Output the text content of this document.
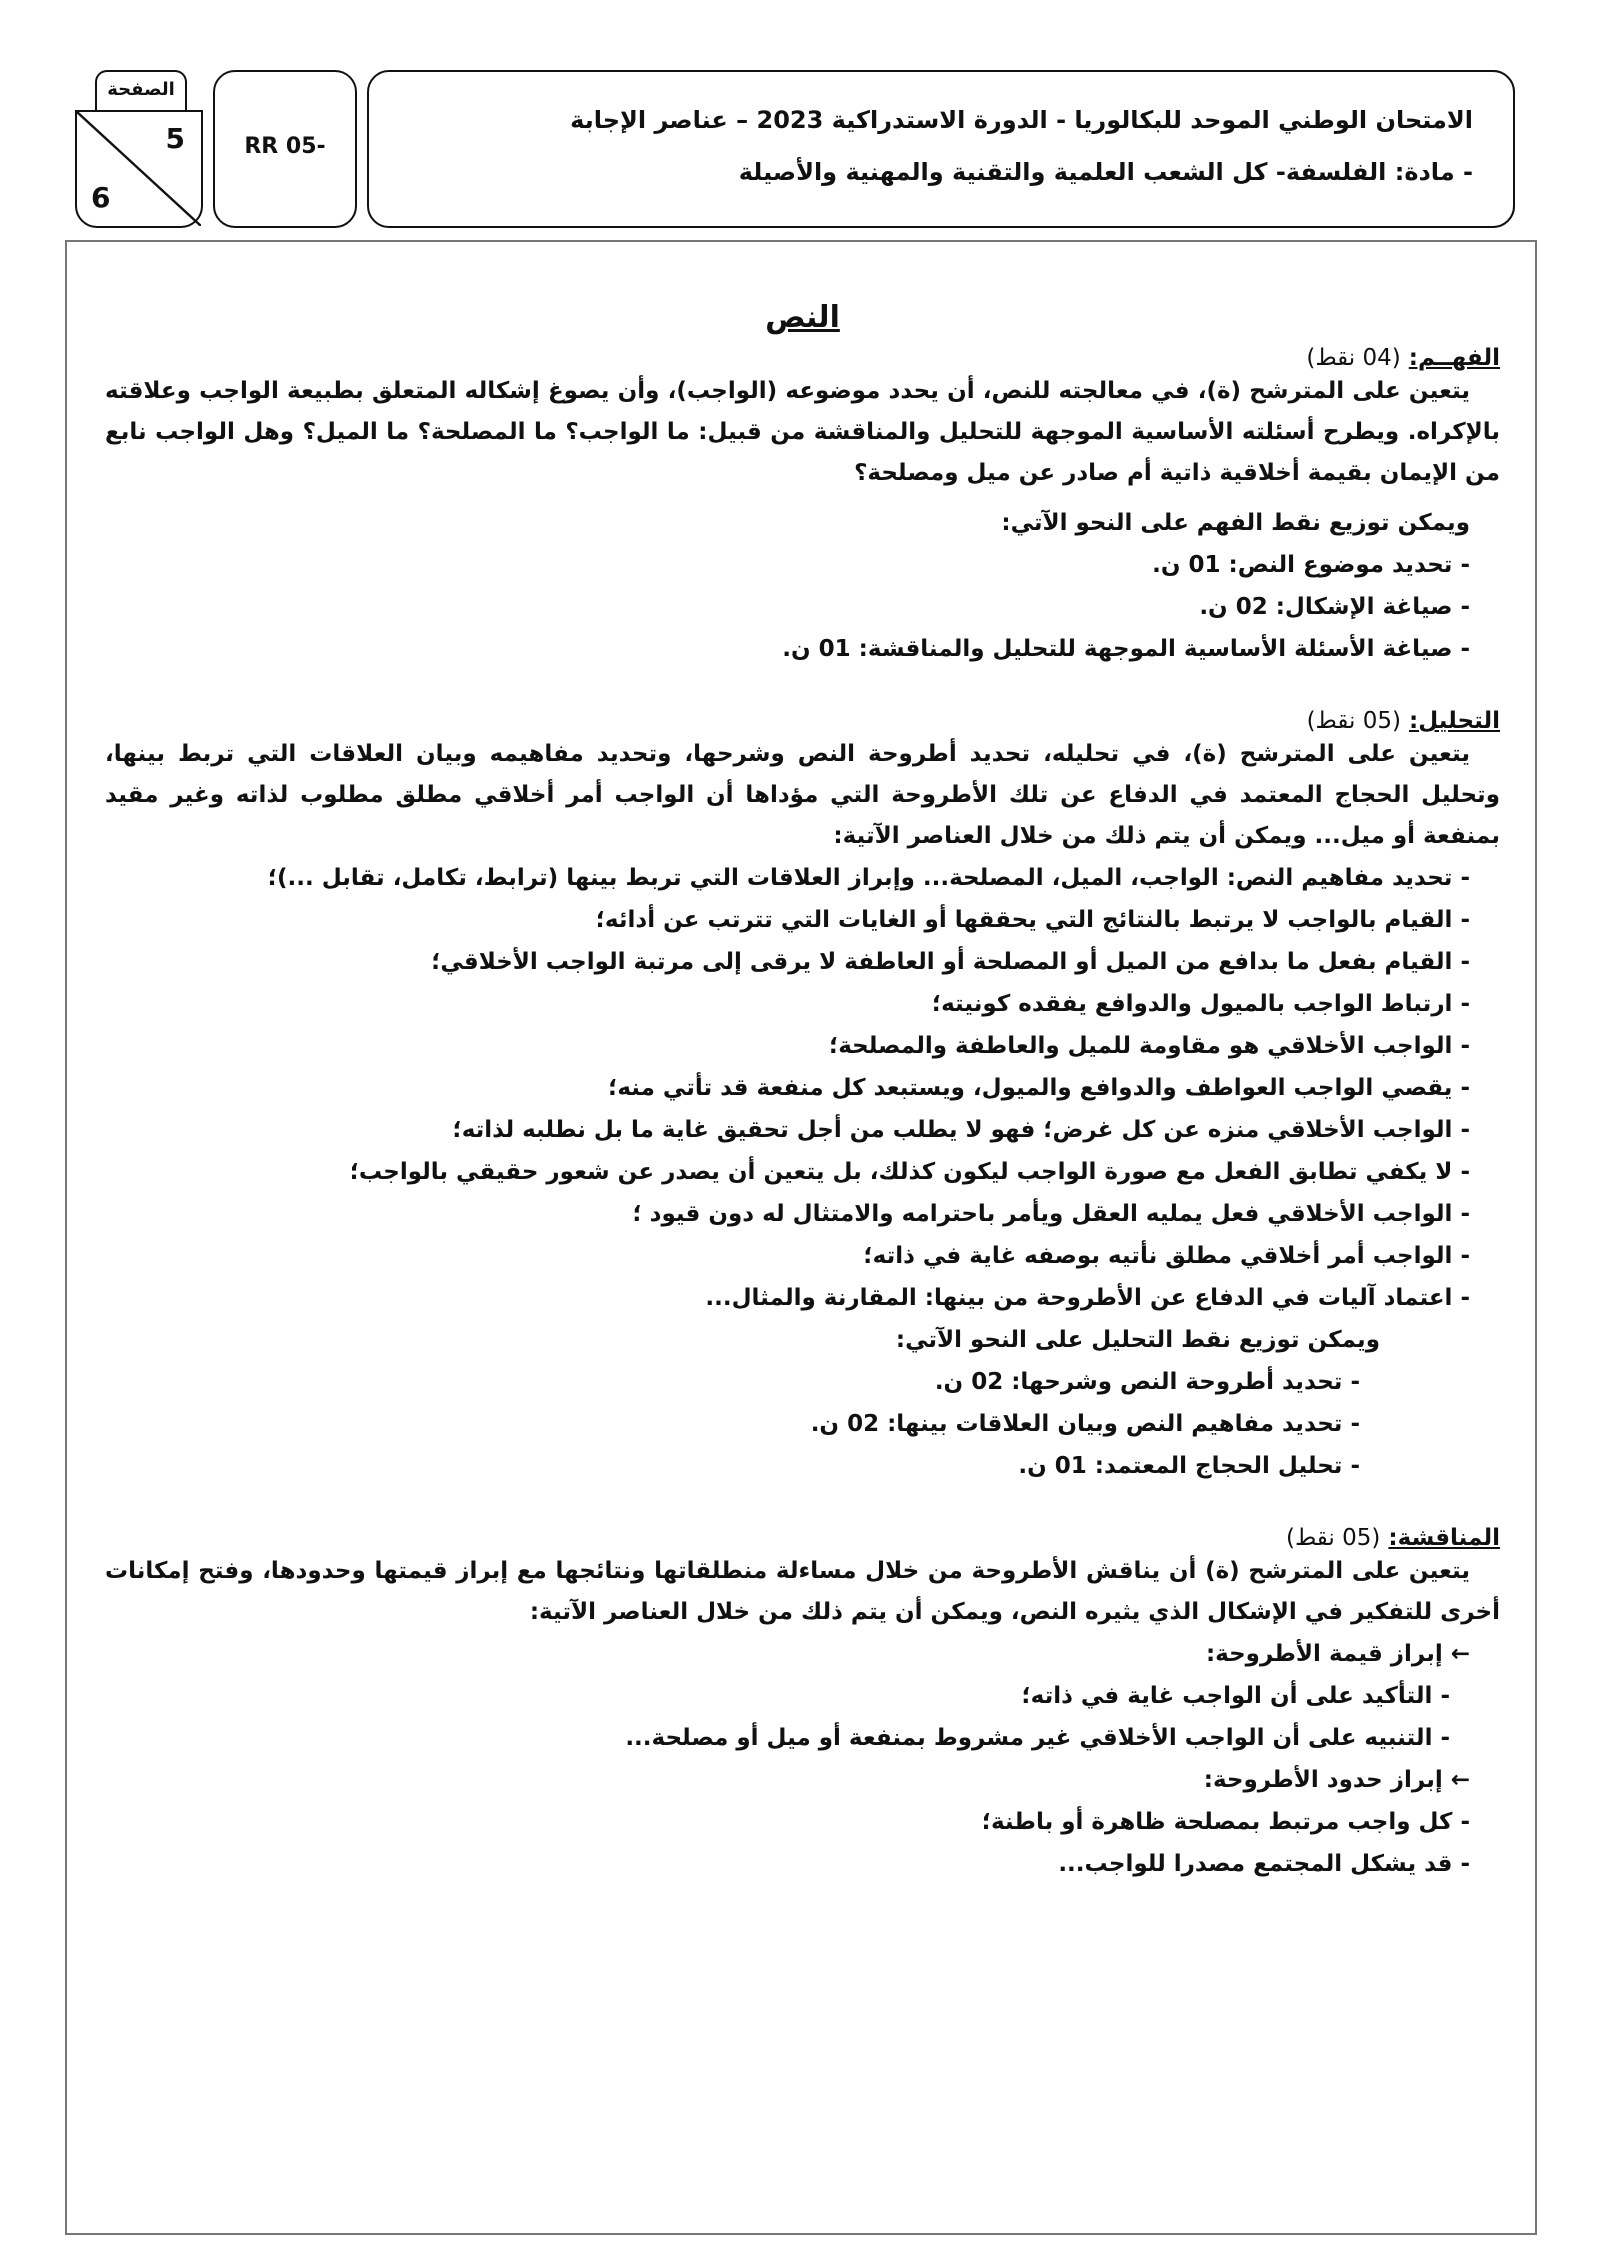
الامتحان الوطني الموحد للبكالوريا - الدورة الاستدراكية 2023 – عناصر الإجابة
- مادة: الفلسفة- كل الشعب العلمية والتقنية والمهنية والأصيلة
RR 05-
الصفحة
5
6
النص
الفهــم: (04 نقط)
يتعين على المترشح (ة)، في معالجته للنص، أن يحدد موضوعه (الواجب)، وأن يصوغ إشكاله المتعلق بطبيعة الواجب وعلاقته بالإكراه. ويطرح أسئلته الأساسية الموجهة للتحليل والمناقشة من قبيل: ما الواجب؟ ما المصلحة؟ ما الميل؟ وهل الواجب نابع من الإيمان بقيمة أخلاقية ذاتية أم صادر عن ميل ومصلحة؟
ويمكن توزيع نقط الفهم على النحو الآتي:
- تحديد موضوع النص: 01 ن.
- صياغة الإشكال: 02 ن.
- صياغة الأسئلة الأساسية الموجهة للتحليل والمناقشة: 01 ن.
التحليل: (05 نقط)
يتعين على المترشح (ة)، في تحليله، تحديد أطروحة النص وشرحها، وتحديد مفاهيمه وبيان العلاقات التي تربط بينها، وتحليل الحجاج المعتمد في الدفاع عن تلك الأطروحة التي مؤداها أن الواجب أمر أخلاقي مطلق مطلوب لذاته وغير مقيد بمنفعة أو ميل... ويمكن أن يتم ذلك من خلال العناصر الآتية:
- تحديد مفاهيم النص: الواجب، الميل، المصلحة... وإبراز العلاقات التي تربط بينها (ترابط، تكامل، تقابل ...)؛
- القيام بالواجب لا يرتبط بالنتائج التي يحققها أو الغايات التي تترتب عن أدائه؛
- القيام بفعل ما بدافع من الميل أو المصلحة أو العاطفة لا يرقى إلى مرتبة الواجب الأخلاقي؛
- ارتباط الواجب بالميول والدوافع يفقده كونيته؛
- الواجب الأخلاقي هو مقاومة للميل والعاطفة والمصلحة؛
- يقصي الواجب العواطف والدوافع والميول، ويستبعد كل منفعة قد تأتي منه؛
- الواجب الأخلاقي منزه عن كل غرض؛ فهو لا يطلب من أجل تحقيق غاية ما بل نطلبه لذاته؛
- لا يكفي تطابق الفعل مع صورة الواجب ليكون كذلك، بل يتعين أن يصدر عن شعور حقيقي بالواجب؛
- الواجب الأخلاقي فعل يمليه العقل ويأمر باحترامه والامتثال له دون قيود ؛
- الواجب أمر أخلاقي مطلق نأتيه بوصفه غاية في ذاته؛
- اعتماد آليات في الدفاع عن الأطروحة من بينها: المقارنة والمثال...
ويمكن توزيع نقط التحليل على النحو الآتي:
- تحديد أطروحة النص وشرحها: 02 ن.
- تحديد مفاهيم النص وبيان العلاقات بينها: 02 ن.
- تحليل الحجاج المعتمد: 01 ن.
المناقشة: (05 نقط)
يتعين على المترشح (ة) أن يناقش الأطروحة من خلال مساءلة منطلقاتها ونتائجها مع إبراز قيمتها وحدودها، وفتح إمكانات أخرى للتفكير في الإشكال الذي يثيره النص، ويمكن أن يتم ذلك من خلال العناصر الآتية:
← إبراز قيمة الأطروحة:
- التأكيد على أن الواجب غاية في ذاته؛
- التنبيه على أن الواجب الأخلاقي غير مشروط بمنفعة أو ميل أو مصلحة...
← إبراز حدود الأطروحة:
- كل واجب مرتبط بمصلحة ظاهرة أو باطنة؛
- قد يشكل المجتمع مصدرا للواجب...
